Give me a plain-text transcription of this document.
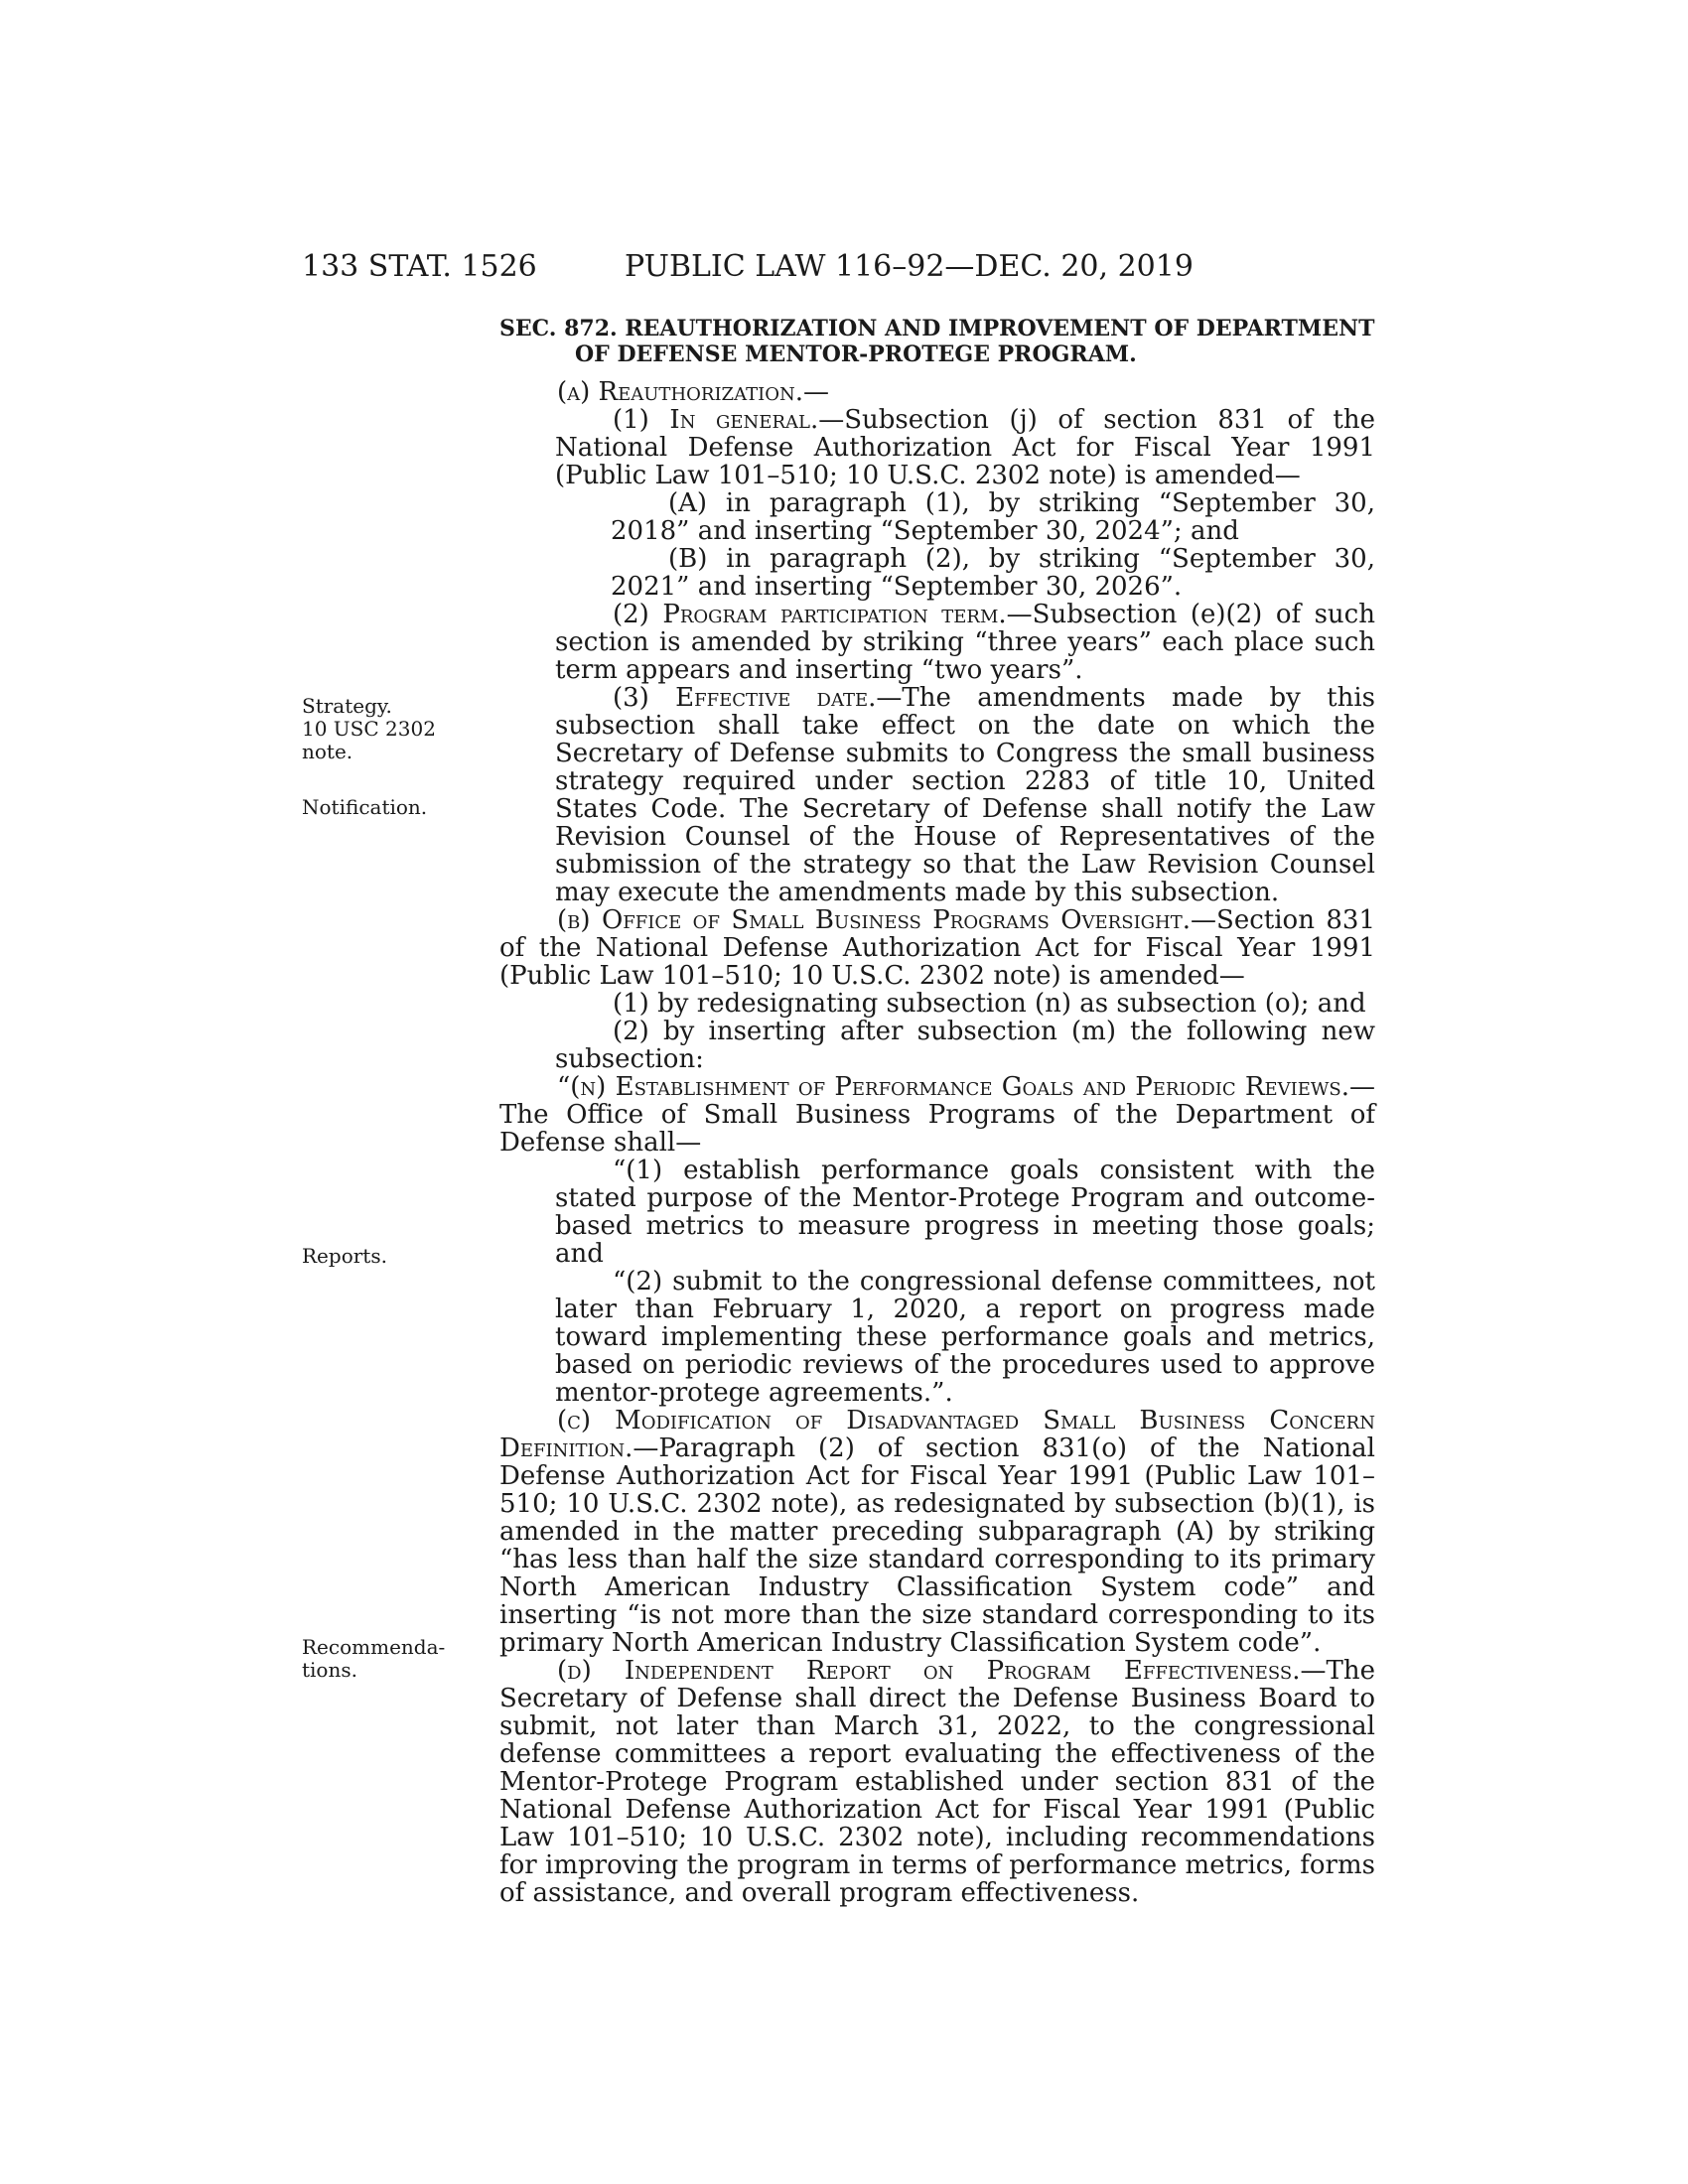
133 STAT. 1526	PUBLIC LAW 116–92—DEC. 20, 2019
Strategy.
10 USC 2302
note.
Notification.
Reports.
Recommenda-
tions.
SEC. 872. REAUTHORIZATION AND IMPROVEMENT OF DEPARTMENT
OF DEFENSE MENTOR-PROTEGE PROGRAM.

(a) Reauthorization.—

(1) In general.—Subsection (j) of section 831 of the National Defense Authorization Act for Fiscal Year 1991 (Public Law 101–510; 10 U.S.C. 2302 note) is amended—

(A) in paragraph (1), by striking “September 30, 2018” and inserting “September 30, 2024”; and

(B) in paragraph (2), by striking “September 30, 2021” and inserting “September 30, 2026”.

(2) Program participation term.—Subsection (e)(2) of such section is amended by striking “three years” each place such term appears and inserting “two years”.

(3) Effective date.—The amendments made by this subsection shall take effect on the date on which the Secretary of Defense submits to Congress the small business strategy required under section 2283 of title 10, United States Code. The Secretary of Defense shall notify the Law Revision Counsel of the House of Representatives of the submission of the strategy so that the Law Revision Counsel may execute the amendments made by this subsection.

(b) Office of Small Business Programs Oversight.—Section 831 of the National Defense Authorization Act for Fiscal Year 1991 (Public Law 101–510; 10 U.S.C. 2302 note) is amended—

(1) by redesignating subsection (n) as subsection (o); and

(2) by inserting after subsection (m) the following new subsection:

“(n) Establishment of Performance Goals and Periodic Reviews.—The Office of Small Business Programs of the Department of Defense shall—

“(1) establish performance goals consistent with the stated purpose of the Mentor-Protege Program and outcome-based metrics to measure progress in meeting those goals; and

“(2) submit to the congressional defense committees, not later than February 1, 2020, a report on progress made toward implementing these performance goals and metrics, based on periodic reviews of the procedures used to approve mentor-protege agreements.”.

(c) Modification of Disadvantaged Small Business Concern Definition.—Paragraph (2) of section 831(o) of the National Defense Authorization Act for Fiscal Year 1991 (Public Law 101–510; 10 U.S.C. 2302 note), as redesignated by subsection (b)(1), is amended in the matter preceding subparagraph (A) by striking “has less than half the size standard corresponding to its primary North American Industry Classification System code” and inserting “is not more than the size standard corresponding to its primary North American Industry Classification System code”.

(d) Independent Report on Program Effectiveness.—The Secretary of Defense shall direct the Defense Business Board to submit, not later than March 31, 2022, to the congressional defense committees a report evaluating the effectiveness of the Mentor-Protege Program established under section 831 of the National Defense Authorization Act for Fiscal Year 1991 (Public Law 101–510; 10 U.S.C. 2302 note), including recommendations for improving the program in terms of performance metrics, forms of assistance, and overall program effectiveness.
